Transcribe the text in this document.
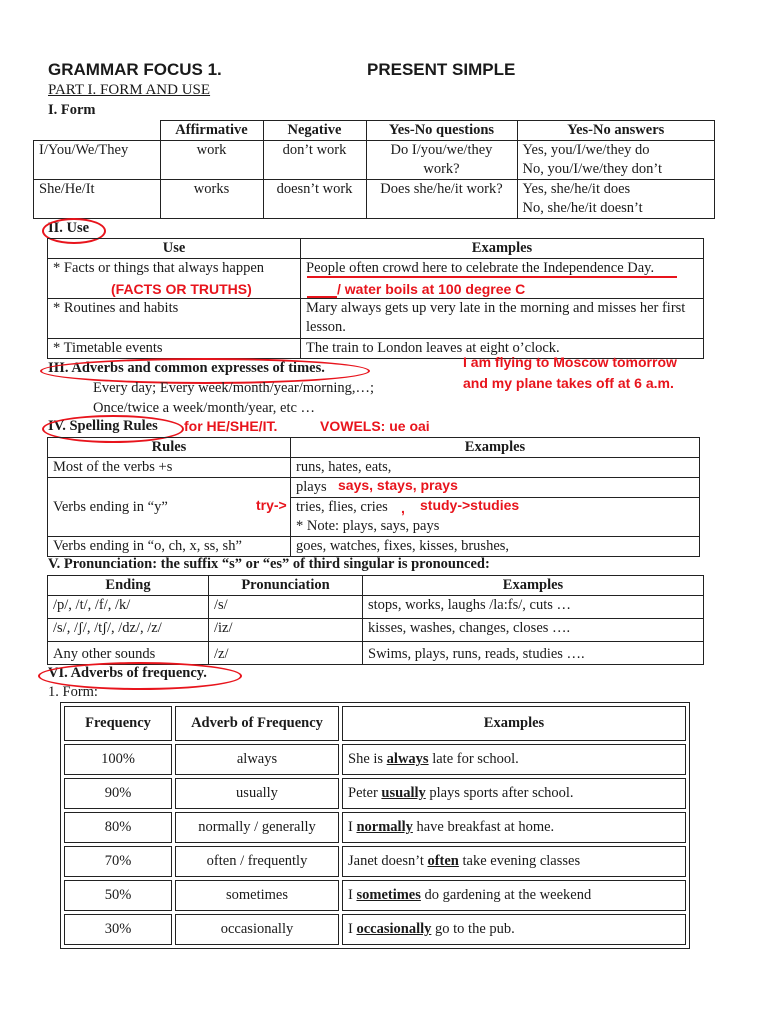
GRAMMAR FOCUS 1.	PRESENT SIMPLE
PART I. FORM AND USE
I. Form
	Affirmative	Negative	Yes-No questions	Yes-No answers
I/You/We/They	work	don’t work	Do I/you/we/they work?	Yes, you/I/we/they do
No, you/I/we/they don’t

She/He/It	works	doesn’t work	Does she/he/it work?	Yes, she/he/it does
No, she/he/it doesn’t
II. Use
Use	Examples
* Facts or things that always happen	People often crowd here to celebrate the Independence Day.
* Routines and habits	Mary always gets up very late in the morning and misses her first lesson.
* Timetable events	The train to London leaves at eight o’clock.
(FACTS OR TRUTHS)	/ water boils at 100 degree C
III. Adverbs and common expresses of times.
Every day; Every week/month/year/morning,…;
Once/twice a week/month/year, etc …
I am flying to Moscow tomorrow
and my plane takes off at 6 a.m.
IV. Spelling Rules for HE/SHE/IT.	VOWELS: ue oai
Rules	Examples
Most of the verbs +s	runs, hates, eats,
Verbs ending in “y”	plays
tries, flies, cries
* Note: plays, says, pays

Verbs ending in “o, ch, x, ss, sh”	goes, watches, fixes, kisses, brushes,
says, stays, prays
try->	, study->studies
V. Pronunciation: the suffix “s” or “es” of third singular is pronounced:
Ending	Pronunciation	Examples
/p/, /t/, /f/, /k/	/s/	stops, works, laughs /la:fs/, cuts …
/s/, /ʃ/, /tʃ/, /dz/, /z/	/iz/	kisses, washes, changes, closes ….
Any other sounds	/z/	Swims, plays, runs, reads, studies ….
VI. Adverbs of frequency.
1. Form:
Frequency	Adverb of Frequency	Examples
100%	always	She is always late for school.
90%	usually	Peter usually plays sports after school.
80%	normally / generally	I normally have breakfast at home.
70%	often / frequently	Janet doesn’t often take evening classes
50%	sometimes	I sometimes do gardening at the weekend
30%	occasionally	I occasionally go to the pub.
